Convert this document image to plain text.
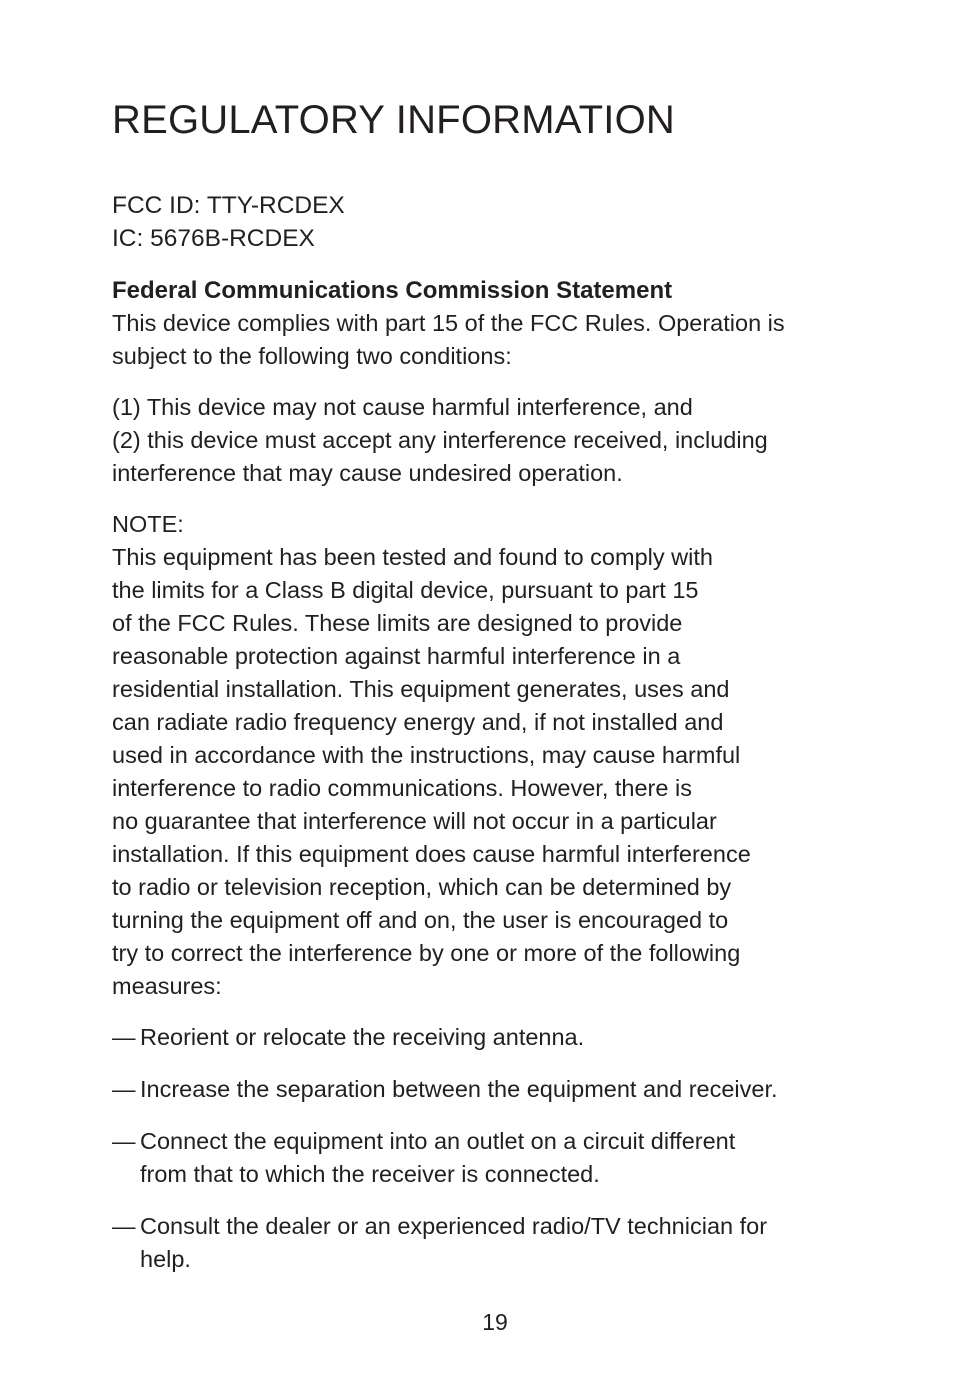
REGULATORY INFORMATION
FCC ID: TTY-RCDEX
IC: 5676B-RCDEX
Federal Communications Commission Statement

This device complies with part 15 of the FCC Rules. Operation is

subject to the following two conditions:

(1) This device may not cause harmful interference, and

(2) this device must accept any interference received, including

interference that may cause undesired operation.

NOTE:

This equipment has been tested and found to comply with

the limits for a Class B digital device, pursuant to part 15

of the FCC Rules. These limits are designed to provide

reasonable protection against harmful interference in a

residential installation. This equipment generates, uses and

can radiate radio frequency energy and, if not installed and

used in accordance with the instructions, may cause harmful

interference to radio communications. However, there is

no guarantee that interference will not occur in a particular

installation. If this equipment does cause harmful interference

to radio or television reception, which can be determined by

turning the equipment off and on, the user is encouraged to

try to correct the interference by one or more of the following

measures:

— Reorient or relocate the receiving antenna.
— Increase the separation between the equipment and receiver.
— Connect the equipment into an outlet on a circuit different
from that to which the receiver is connected.
— Consult the dealer or an experienced radio/TV technician for
help.
19
